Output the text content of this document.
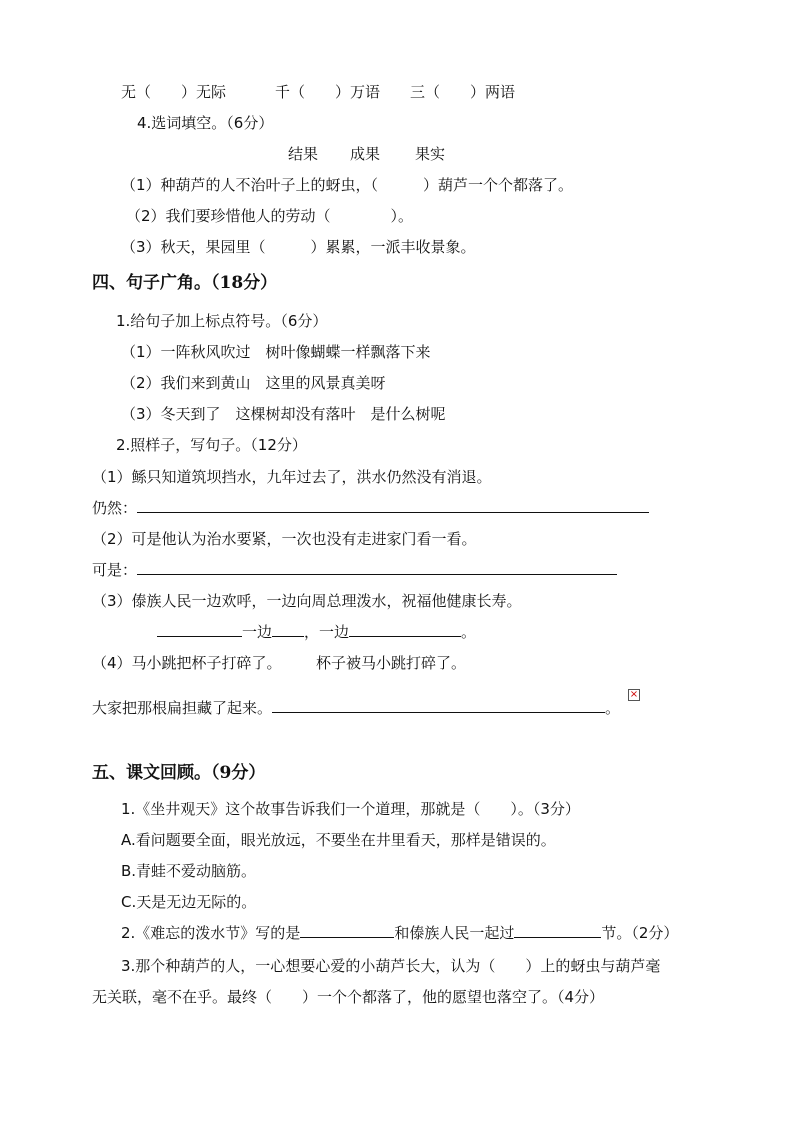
无（　　）无际	千（　　）万语 三（　　）两语
4.选词填空。（6分）
结果 成果 果实
（1）种葫芦的人不治叶子上的蚜虫，（　　　）葫芦一个个都落了。
（2）我们要珍惜他人的劳动（　　　　）。
（3）秋天，果园里（　　　）累累，一派丰收景象。
四、句子广角。（18分）
1.给句子加上标点符号。（6分）
（1）一阵秋风吹过　树叶像蝴蝶一样飘落下来
（2）我们来到黄山　这里的风景真美呀
（3）冬天到了　这棵树却没有落叶　是什么树呢
2.照样子，写句子。（12分）
（1）鲧只知道筑坝挡水，九年过去了，洪水仍然没有消退。
仍然：
（2）可是他认为治水要紧，一次也没有走进家门看一看。
可是：
（3）傣族人民一边欢呼，一边向周总理泼水，祝福他健康长寿。
一边 ，一边	。
（4）马小跳把杯子打碎了。 杯子被马小跳打碎了。
×
大家把那根扁担藏了起来。	。
五、课文回顾。（9分）
1.《坐井观天》这个故事告诉我们一个道理，那就是（　　）。（3分）
A.看问题要全面，眼光放远，不要坐在井里看天，那样是错误的。
B.青蛙不爱动脑筋。
C.天是无边无际的。
2.《难忘的泼水节》写的是	和傣族人民一起过	节。（2分）
3.那个种葫芦的人，一心想要心爱的小葫芦长大，认为（　　）上的蚜虫与葫芦毫
无关联，毫不在乎。最终（　　）一个个都落了，他的愿望也落空了。（4分）
